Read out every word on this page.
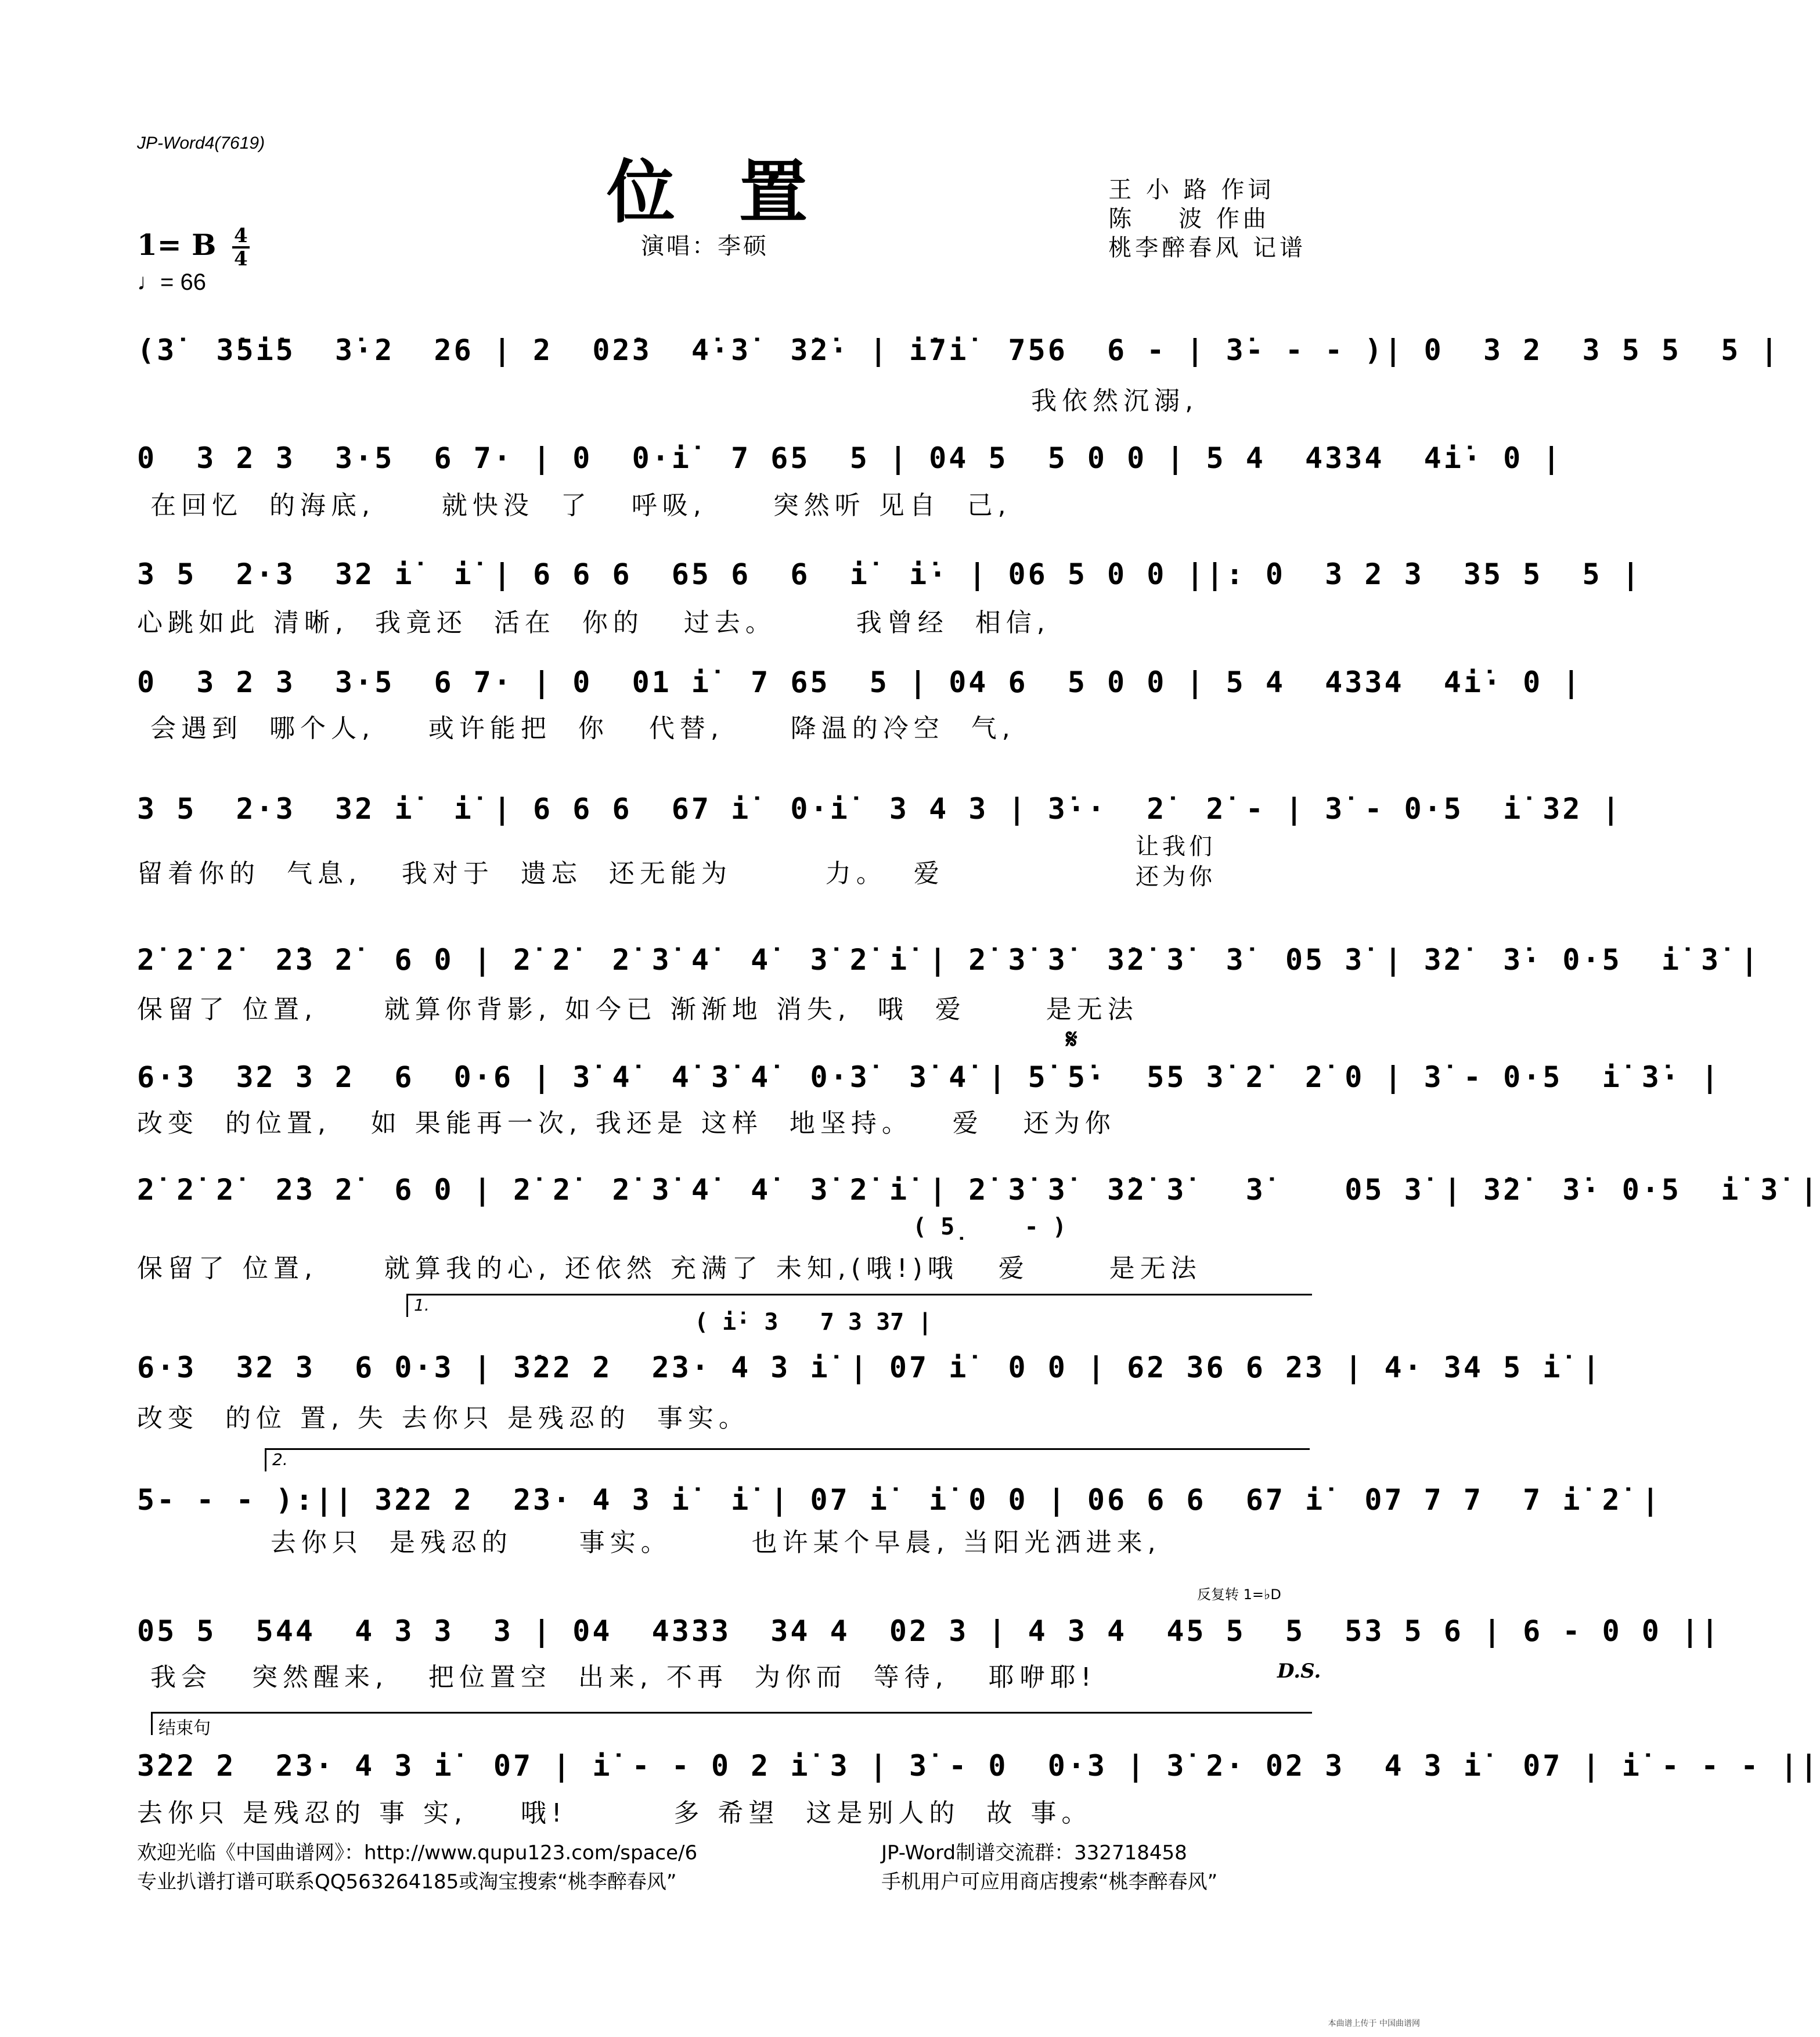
JP-Word4(7619)
位置	王 小 路 作词
陈    波 作曲
桃李醉春风 记谱
1= B $\frac{4}{4}$
♩= 66
演唱：李硕
(3̇  3̇5i̇5  3̇·2  26 | 2  02̇3  4̇·3̇  3̇2̇· | i̇7i̇  756  6 - | 3̇- - - )| 0  3 2  3 5 5  5 |
我依然沉溺,
0  3 2 3  3·5  6 7· | 0  0·i̇  7 65  5 | 04 5  5 0 0 | 5 4  4334  4i̇· 0 |
在回忆  的海底,     就快没  了   呼吸,     突然听 见自  己,
3 5  2·3  32 i̇  i̇ | 6 6 6  65 6  6  i̇  i̇· | 06 5 0 0 ||: 0  3 2 3  35 5  5 |
心跳如此 清晰,  我竟还  活在  你的   过去。      我曾经  相信,
0  3 2 3  3·5  6 7· | 0  01 i̇  7 65  5 | 04 6  5 0 0 | 5 4  4334  4i̇· 0 |
会遇到  哪个人,    或许能把  你   代替,     降温的冷空  气,
3 5  2·3  32 i̇  i̇ | 6 6 6  67 i̇  0·i̇  3 4 3 | 3̇··  2̇  2̇ - | 3̇ - 0·5  i̇ 32 |
留着你的  气息,   我对于  遗忘  还无能为       力。  爱
让我们
还为你
2̇ 2̇ 2̇  2̇3 2̇  6 0 | 2̇ 2̇  2̇ 3̇ 4̇  4̇  3̇ 2̇ i̇ | 2̇ 3̇ 3̇  3̇2̇ 3̇  3̇  05 3̇ | 3̇2̇  3̇· 0·5  i̇ 3̇ |
保留了 位置,     就算你背影, 如今已 渐渐地 消失,  哦  爱      是无法
𝄋
6·3  32 3 2  6  0·6 | 3̇ 4̇  4̇ 3̇ 4̇  0·3̇  3̇ 4̇ | 5̇ 5̇·  55 3̇ 2̇  2̇ 0 | 3̇ - 0·5  i̇ 3̇· |
改变  的位置,   如 果能再一次, 我还是 这样  地坚持。   爱   还为你
2̇ 2̇ 2̇  2̇3 2̇  6 0 | 2̇ 2̇  2̇ 3̇ 4̇  4̇  3̇ 2̇ i̇ | 2̇ 3̇ 3̇  3̇2̇ 3̇   3̇    05 3̇ | 3̇2̇  3̇· 0·5  i̇ 3̇ |
( 5̣    - )
保留了 位置,     就算我的心, 还依然 充满了 未知,(哦!)哦   爱      是无法
1.
( i̇· 3   7 3 37 |
6·3  32 3  6 0·3 | 3̇22 2  23· 4 3 i̇ | 07 i̇  0 0 | 62 36 6 23 | 4· 34 5 i̇ |
改变  的位 置, 失 去你只 是残忍的  事实。
2.
5- - - ):|| 3̇22 2  23· 4 3 i̇  i̇ | 07 i̇  i̇ 0 0 | 06 6 6  67 i̇  07 7 7  7 i̇ 2̇ |
去你只  是残忍的     事实。      也许某个早晨, 当阳光洒进来,
反复转 1=♭D
05 5  544  4 3 3  3 | 04  4333  34 4  02 3 | 4 3 4  45 5  5  53 5 6 | 6 - 0 0 ||
我会   突然醒来,   把位置空  出来, 不再  为你而  等待,   耶咿耶!	D.S.
结束句
3̇22 2  23· 4 3 i̇  07 | i̇ - - 0 2 i̇ 3 | 3̇ - 0  0·3 | 3̇ 2· 02 3  4 3 i̇  07 | i̇ - - - ||
去你只 是残忍的 事 实,    哦!        多 希望  这是别人的  故 事。
欢迎光临《中国曲谱网》：http://www.qupu123.com/space/6
专业扒谱打谱可联系QQ563264185或淘宝搜索“桃李醉春风”
JP-Word制谱交流群：332718458
手机用户可应用商店搜索“桃李醉春风”
本曲谱上传于 中国曲谱网
